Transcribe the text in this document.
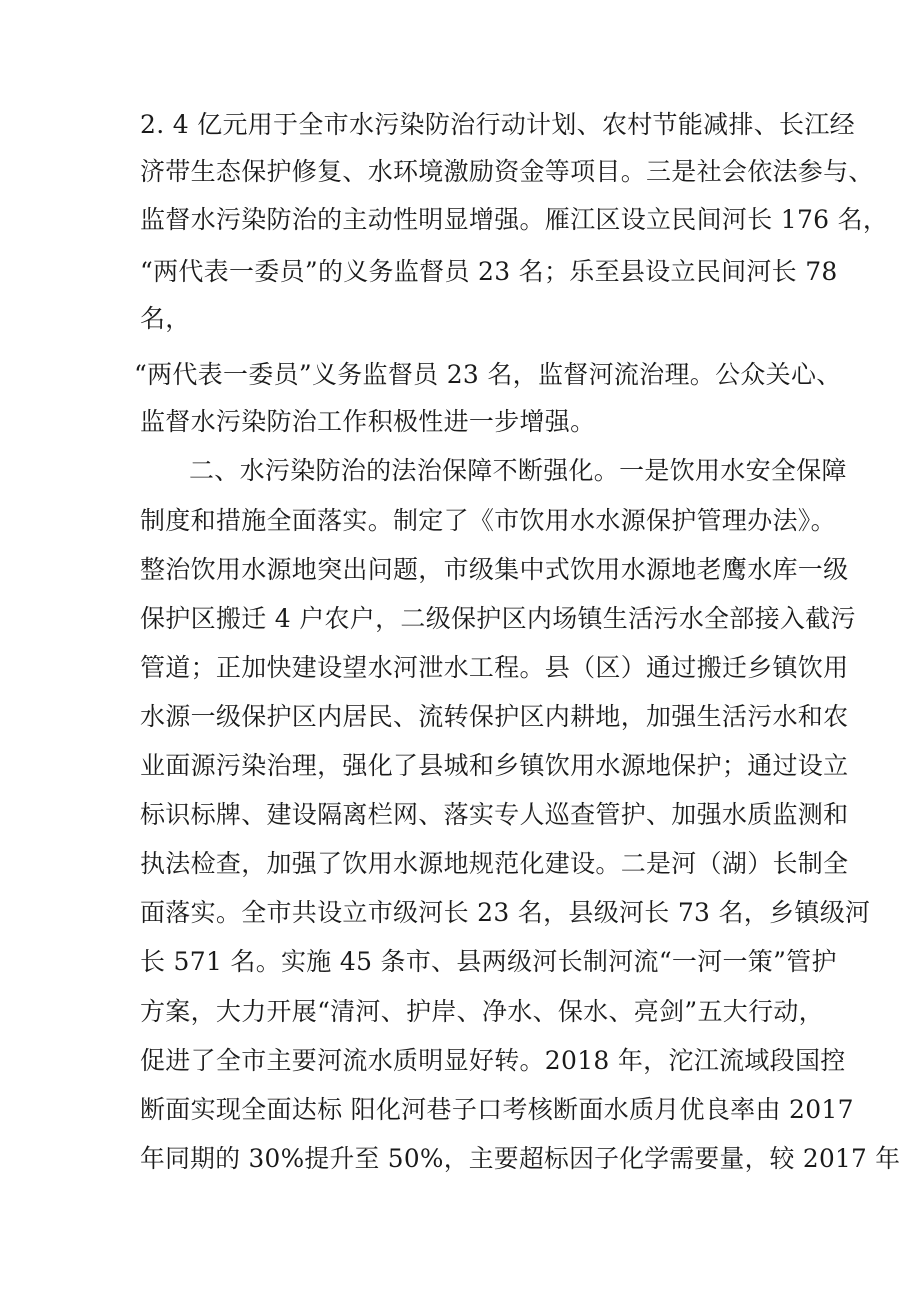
2. 4 亿元用于全市水污染防治行动计划、农村节能减排、长江经
济带生态保护修复、水环境激励资金等项目。三是社会依法参与、
监督水污染防治的主动性明显增强。雁江区设立民间河长 176 名，
“两代表一委员”的义务监督员 23 名；乐至县设立民间河长 78
名，
“两代表一委员”义务监督员 23 名，监督河流治理。公众关心、
监督水污染防治工作积极性进一步增强。
二、水污染防治的法治保障不断强化。一是饮用水安全保障
制度和措施全面落实。制定了《市饮用水水源保护管理办法》。
整治饮用水源地突出问题，市级集中式饮用水源地老鹰水库一级
保护区搬迁 4 户农户，二级保护区内场镇生活污水全部接入截污
管道；正加快建设望水河泄水工程。县（区）通过搬迁乡镇饮用
水源一级保护区内居民、流转保护区内耕地，加强生活污水和农
业面源污染治理，强化了县城和乡镇饮用水源地保护；通过设立
标识标牌、建设隔离栏网、落实专人巡查管护、加强水质监测和
执法检查，加强了饮用水源地规范化建设。二是河（湖）长制全
面落实。全市共设立市级河长 23 名，县级河长 73 名，乡镇级河
长 571 名。实施 45 条市、县两级河长制河流“一河一策”管护
方案，大力开展“清河、护岸、净水、保水、亮剑”五大行动，
促进了全市主要河流水质明显好转。2018 年，沱江流域段国控
断面实现全面达标 阳化河巷子口考核断面水质月优良率由 2017
年同期的 30%提升至 50%，主要超标因子化学需要量，较 2017 年
